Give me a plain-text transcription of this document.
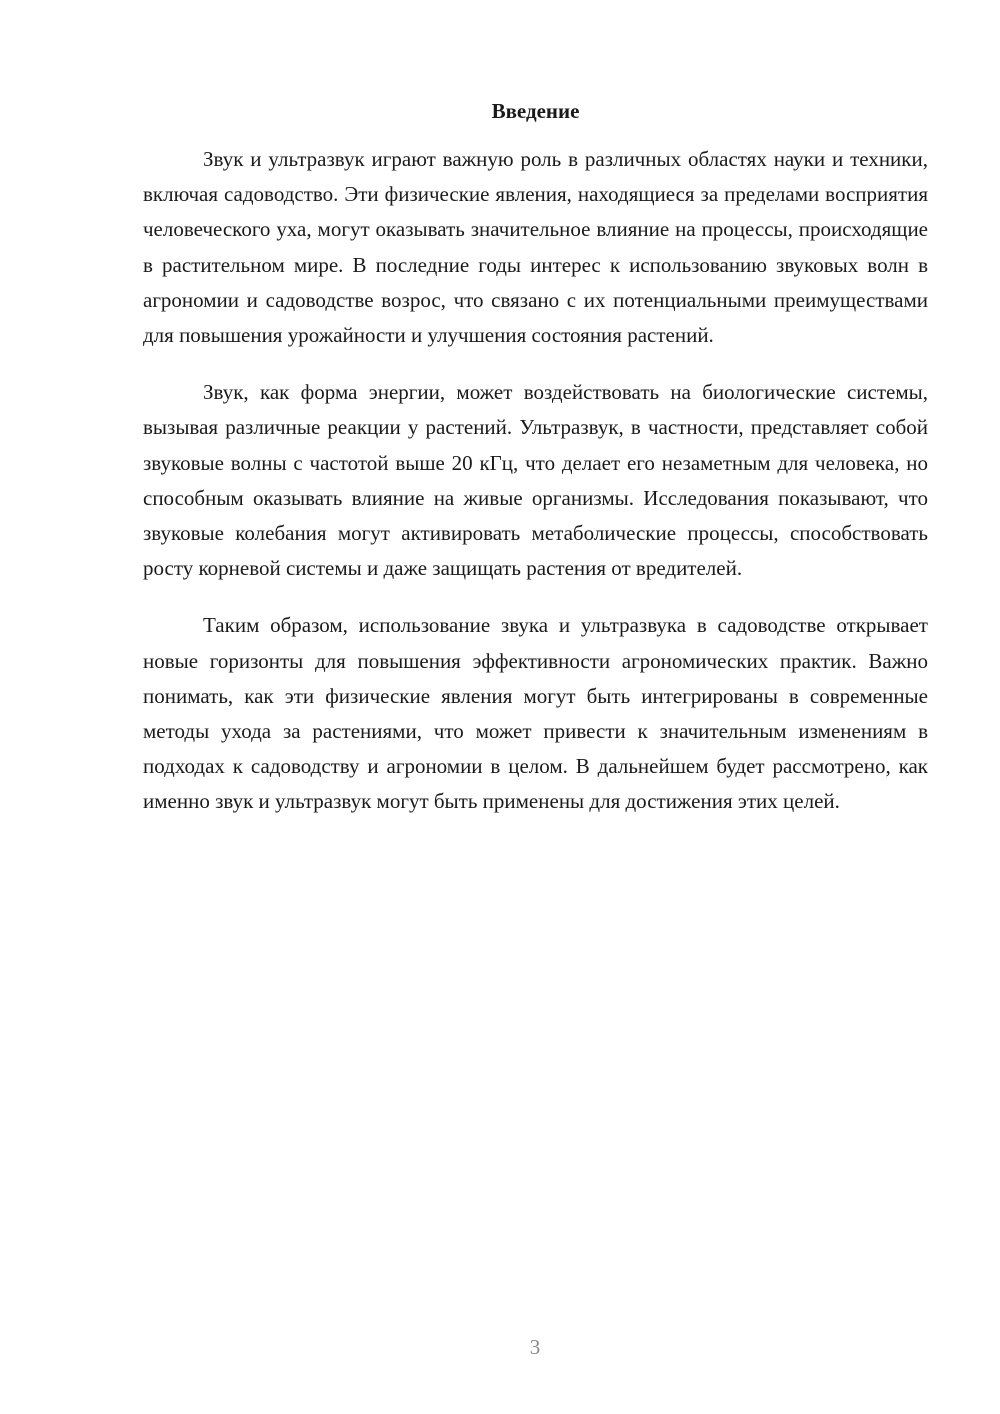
Введение

Звук и ультразвук играют важную роль в различных областях науки и техники, включая садоводство. Эти физические явления, находящиеся за пределами восприятия человеческого уха, могут оказывать значительное влияние на процессы, происходящие в растительном мире. В последние годы интерес к использованию звуковых волн в агрономии и садоводстве возрос, что связано с их потенциальными преимуществами для повышения урожайности и улучшения состояния растений.

Звук, как форма энергии, может воздействовать на биологические системы, вызывая различные реакции у растений. Ультразвук, в частности, представляет собой звуковые волны с частотой выше 20 кГц, что делает его незаметным для человека, но способным оказывать влияние на живые организмы. Исследования показывают, что звуковые колебания могут активировать метаболические процессы, способствовать росту корневой системы и даже защищать растения от вредителей.

Таким образом, использование звука и ультразвука в садоводстве открывает новые горизонты для повышения эффективности агрономических практик. Важно понимать, как эти физические явления могут быть интегрированы в современные методы ухода за растениями, что может привести к значительным изменениям в подходах к садоводству и агрономии в целом. В дальнейшем будет рассмотрено, как именно звук и ультразвук могут быть применены для достижения этих целей.

3
